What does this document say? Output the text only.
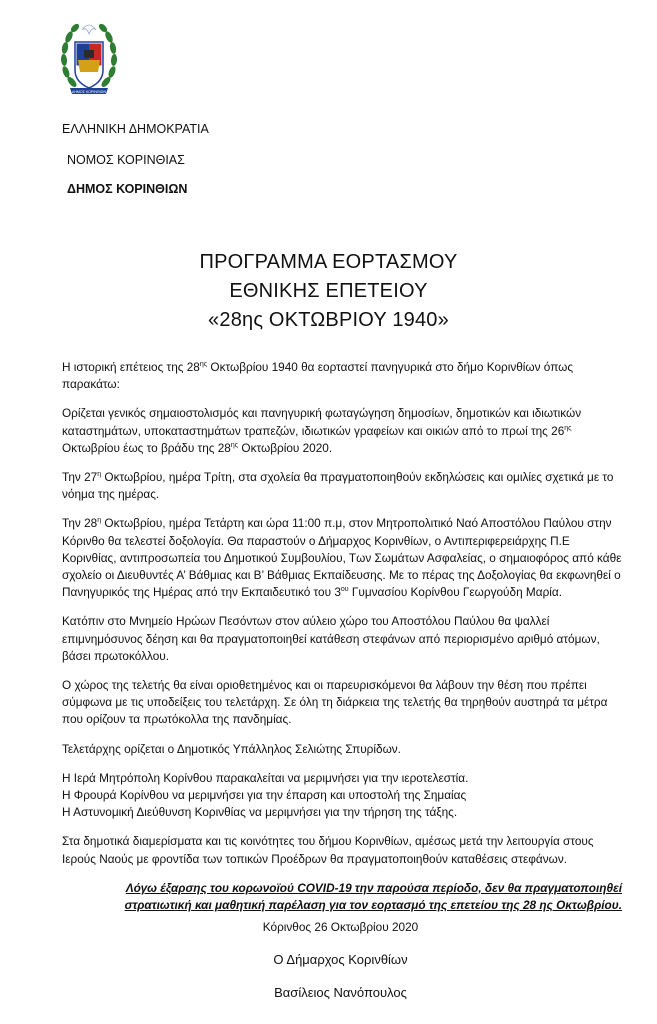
ΔΗΜΟΣ ΚΟΡΙΝΘΙΩΝ
ΕΛΛΗΝΙΚΗ ΔΗΜΟΚΡΑΤΙΑ
ΝΟΜΟΣ ΚΟΡΙΝΘΙΑΣ
ΔΗΜΟΣ ΚΟΡΙΝΘΙΩΝ
ΠΡΟΓΡΑΜΜΑ ΕΟΡΤΑΣΜΟΥ
ΕΘΝΙΚΗΣ ΕΠΕΤΕΙΟΥ
«28ης ΟΚΤΩΒΡΙΟΥ 1940»

Η ιστορική επέτειος της $28^{\eta\varsigma}$ Οκτωβρίου 1940 θα εορταστεί πανηγυρικά στο δήμο Κορινθίων όπως παρακάτω:

Ορίζεται γενικός σημαιοστολισμός και πανηγυρική φωταγώγηση δημοσίων, δημοτικών και ιδιωτικών καταστημάτων, υποκαταστημάτων τραπεζών, ιδιωτικών γραφείων και οικιών από το πρωί της $26^{\eta\varsigma}$ Οκτωβρίου έως το βράδυ της $28^{\eta\varsigma}$ Οκτωβρίου 2020.

Την $27^\eta$ Οκτωβρίου, ημέρα Τρίτη, στα σχολεία θα πραγματοποιηθούν εκδηλώσεις και ομιλίες σχετικά με το νόημα της ημέρας.

Την $28^\eta$ Οκτωβρίου, ημέρα Τετάρτη και ώρα 11:00 π.μ, στον Μητροπολιτικό Ναό Αποστόλου Παύλου στην Κόρινθο θα τελεστεί δοξολογία. Θα παραστούν ο Δήμαρχος Κορινθίων, ο Αντιπεριφερειάρχης Π.Ε Κορινθίας, αντιπροσωπεία του Δημοτικού Συμβουλίου, Των Σωμάτων Ασφαλείας, ο σημαιοφόρος από κάθε σχολείο οι Διευθυντές Α’ Βάθμιας και Β’ Βάθμιας Εκπαίδευσης. Με το πέρας της Δοξολογίας θα εκφωνηθεί ο Πανηγυρικός της Ημέρας από την Εκπαιδευτικό του $3^{o\upsilon}$ Γυμνασίου Κορίνθου Γεωργούδη Μαρία.

Κατόπιν στο Μνημείο Ηρώων Πεσόντων στον αύλειο χώρο του Αποστόλου Παύλου θα ψαλλεί επιμνημόσυνος δέηση και θα πραγματοποιηθεί κατάθεση στεφάνων από περιορισμένο αριθμό ατόμων, βάσει πρωτοκόλλου.

Ο χώρος της τελετής θα είναι οριοθετημένος και οι παρευρισκόμενοι θα λάβουν την θέση που πρέπει σύμφωνα με τις υποδείξεις του τελετάρχη. Σε όλη τη διάρκεια της τελετής θα τηρηθούν αυστηρά τα μέτρα που ορίζουν τα πρωτόκολλα της πανδημίας.

Τελετάρχης ορίζεται ο Δημοτικός Υπάλληλος Σελιώτης Σπυρίδων.

Η Ιερά Μητρόπολη Κορίνθου παρακαλείται να μεριμνήσει για την ιεροτελεστία.

Η Φρουρά Κορίνθου να μεριμνήσει για την έπαρση και υποστολή της Σημαίας

Η Αστυνομική Διεύθυνση Κορινθίας να μεριμνήσει για την τήρηση της τάξης.

Στα δημοτικά διαμερίσματα και τις κοινότητες του δήμου Κορινθίων, αμέσως μετά την λειτουργία στους Ιερούς Ναούς με φροντίδα των τοπικών Προέδρων θα πραγματοποιηθούν καταθέσεις στεφάνων.

Λόγω έξαρσης του κορωνοϊού COVID-19 την παρούσα περίοδο, δεν θα πραγματοποιηθεί στρατιωτική και μαθητική παρέλαση για τον εορτασμό της επετείου της 28 ης Οκτωβρίου.

Κόρινθος 26 Οκτωβρίου 2020
Ο Δήμαρχος Κορινθίων
Βασίλειος Νανόπουλος
